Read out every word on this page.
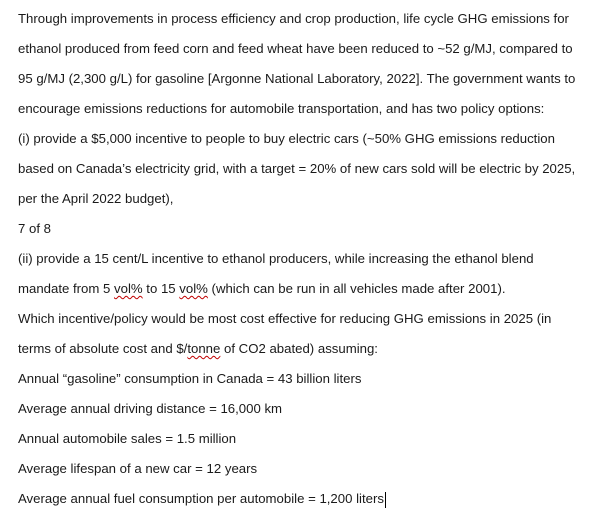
Through improvements in process efficiency and crop production, life cycle GHG emissions for
ethanol produced from feed corn and feed wheat have been reduced to ~52 g/MJ, compared to
95 g/MJ (2,300 g/L) for gasoline [Argonne National Laboratory, 2022]. The government wants to
encourage emissions reductions for automobile transportation, and has two policy options:
(i) provide a $5,000 incentive to people to buy electric cars (~50% GHG emissions reduction
based on Canada’s electricity grid, with a target = 20% of new cars sold will be electric by 2025,
per the April 2022 budget),
7 of 8
(ii) provide a 15 cent/L incentive to ethanol producers, while increasing the ethanol blend
mandate from 5 vol% to 15 vol% (which can be run in all vehicles made after 2001).
Which incentive/policy would be most cost effective for reducing GHG emissions in 2025 (in
terms of absolute cost and $/tonne of CO2 abated) assuming:
Annual “gasoline” consumption in Canada = 43 billion liters
Average annual driving distance = 16,000 km
Annual automobile sales = 1.5 million
Average lifespan of a new car = 12 years
Average annual fuel consumption per automobile = 1,200 liters
